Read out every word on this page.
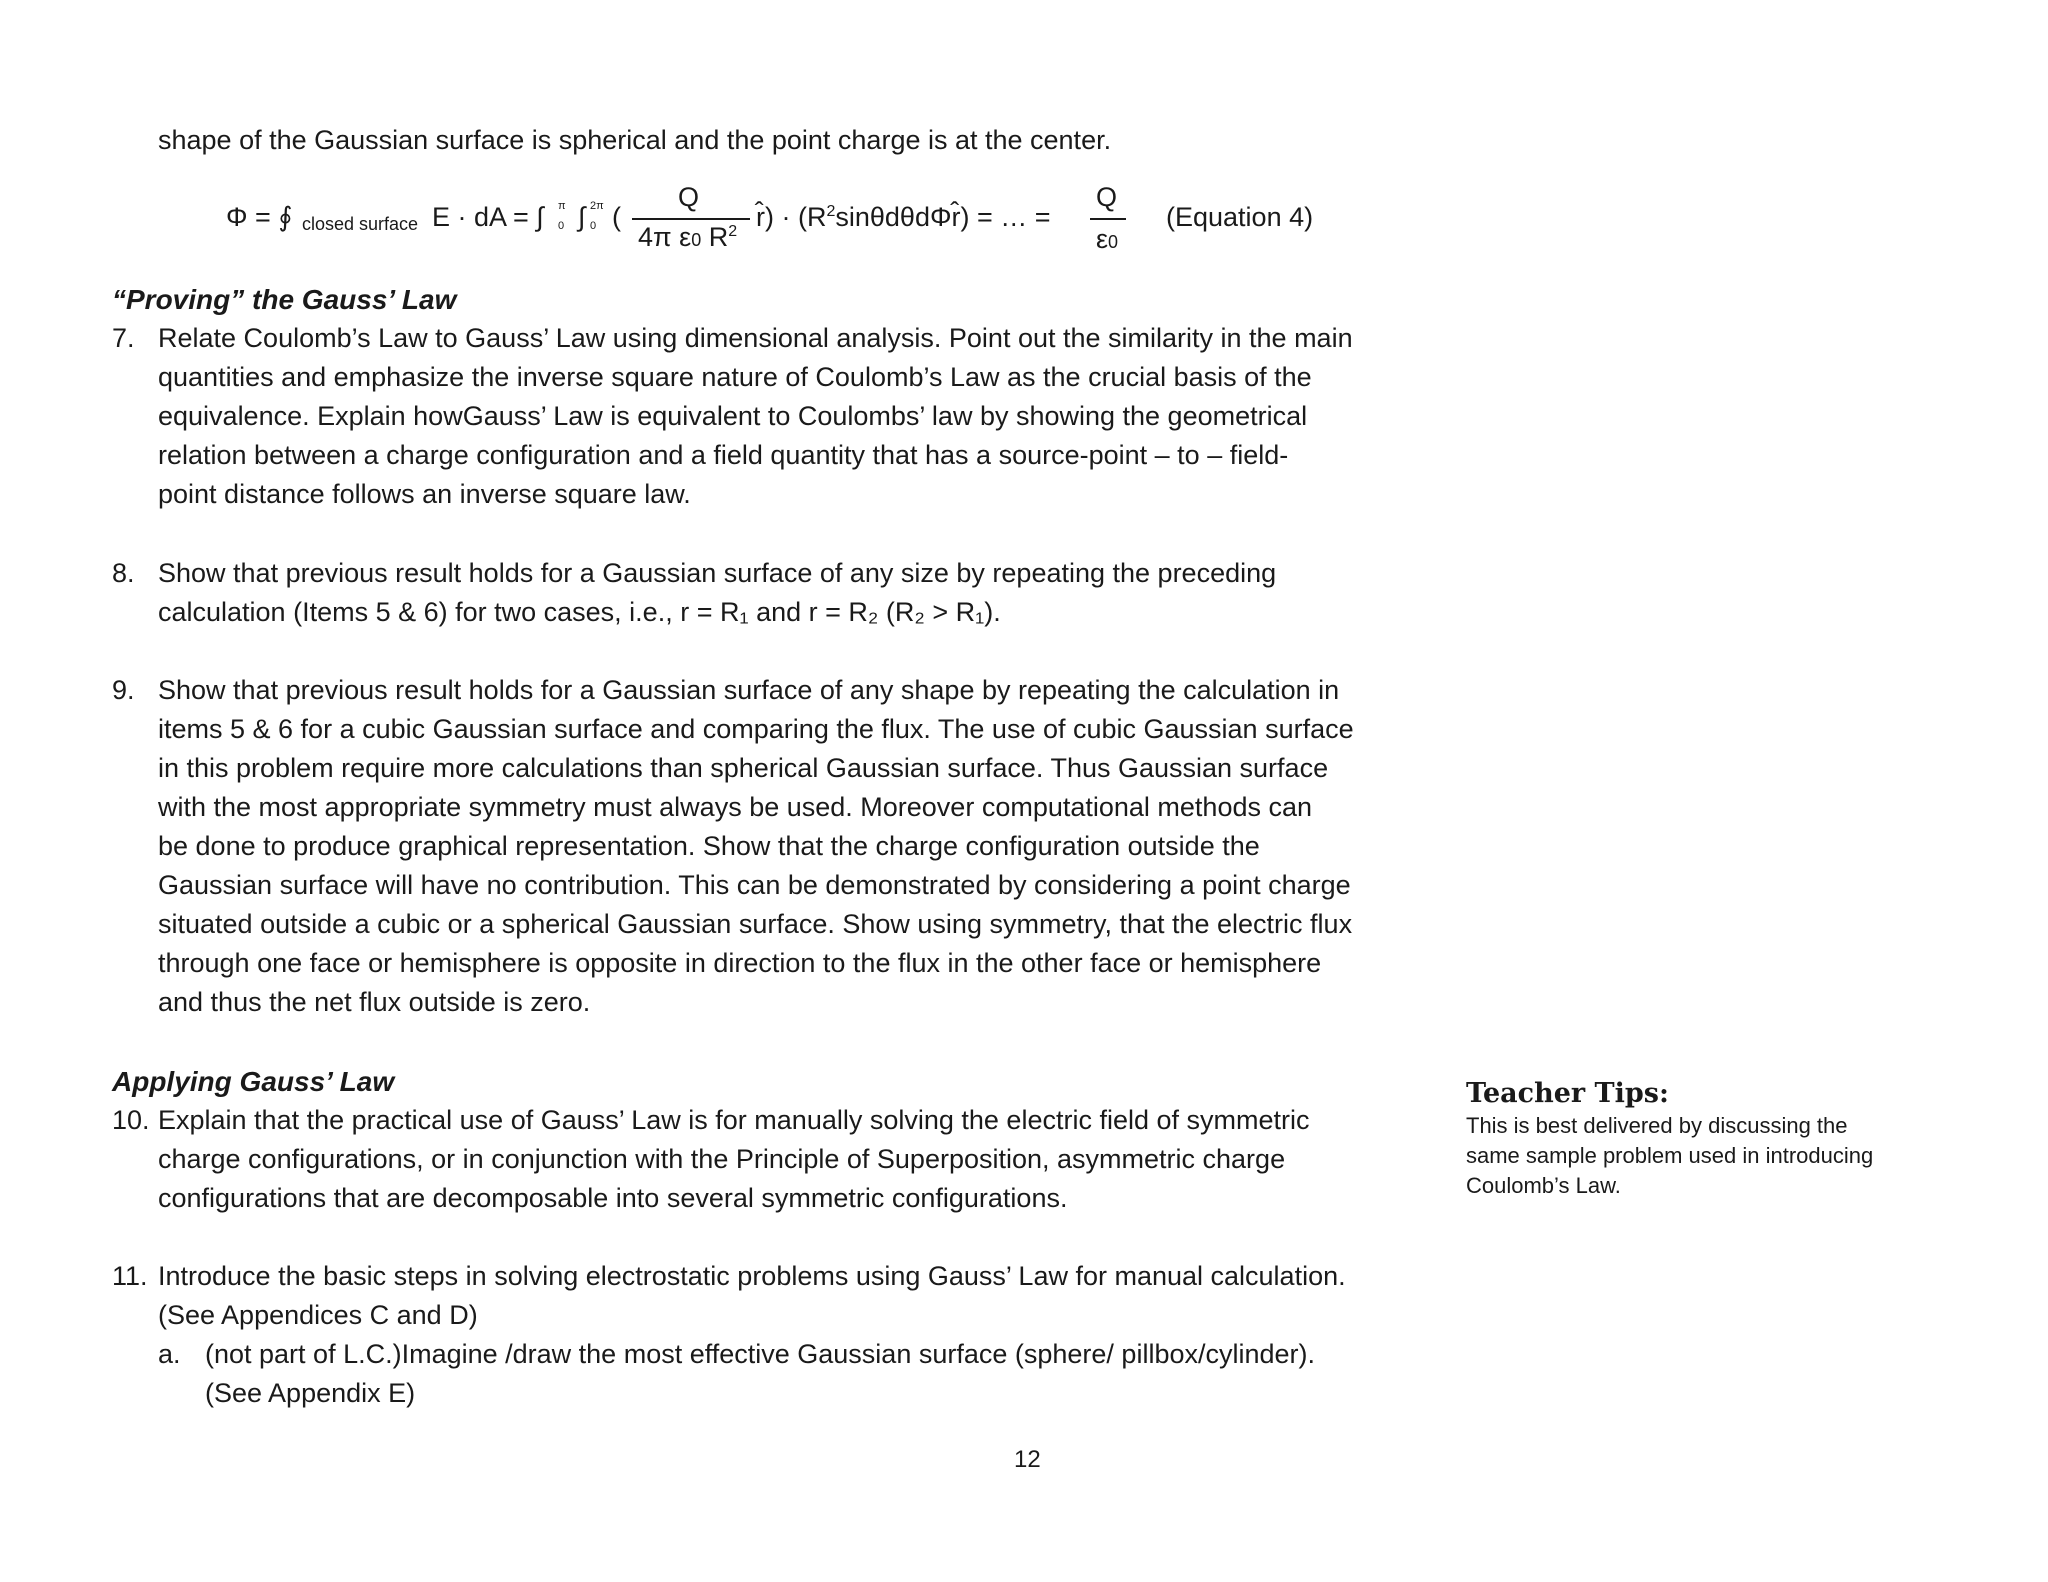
shape of the Gaussian surface is spherical and the point charge is at the center.
Φ = ∮ closed surface E · dA = ∫ π
0 ∫ 2π
0 (
Q
4π ε0 $R^2$ r̂) · $(R^2\sin\theta d\theta d\Phi r̂)$ = … =
Q
ε0
(Equation 4)
“Proving” the Gauss’ Law
7. Relate Coulomb’s Law to Gauss’ Law using dimensional analysis. Point out the similarity in the main
quantities and emphasize the inverse square nature of Coulomb’s Law as the crucial basis of the
equivalence. Explain howGauss’ Law is equivalent to Coulombs’ law by showing the geometrical
relation between a charge configuration and a field quantity that has a source-point – to – field-
point distance follows an inverse square law.
8. Show that previous result holds for a Gaussian surface of any size by repeating the preceding
calculation (Items 5 & 6) for two cases, i.e., r = R₁ and r = R₂ (R₂ > R₁).
9. Show that previous result holds for a Gaussian surface of any shape by repeating the calculation in
items 5 & 6 for a cubic Gaussian surface and comparing the flux. The use of cubic Gaussian surface
in this problem require more calculations than spherical Gaussian surface. Thus Gaussian surface
with the most appropriate symmetry must always be used. Moreover computational methods can
be done to produce graphical representation. Show that the charge configuration outside the
Gaussian surface will have no contribution. This can be demonstrated by considering a point charge
situated outside a cubic or a spherical Gaussian surface. Show using symmetry, that the electric flux
through one face or hemisphere is opposite in direction to the flux in the other face or hemisphere
and thus the net flux outside is zero.
Applying Gauss’ Law
10. Explain that the practical use of Gauss’ Law is for manually solving the electric field of symmetric
charge configurations, or in conjunction with the Principle of Superposition, asymmetric charge
configurations that are decomposable into several symmetric configurations.
11. Introduce the basic steps in solving electrostatic problems using Gauss’ Law for manual calculation.
(See Appendices C and D)
a. (not part of L.C.)Imagine /draw the most effective Gaussian surface (sphere/ pillbox/cylinder).
(See Appendix E)
Teacher Tips:
This is best delivered by discussing the
same sample problem used in introducing
Coulomb’s Law.
12
